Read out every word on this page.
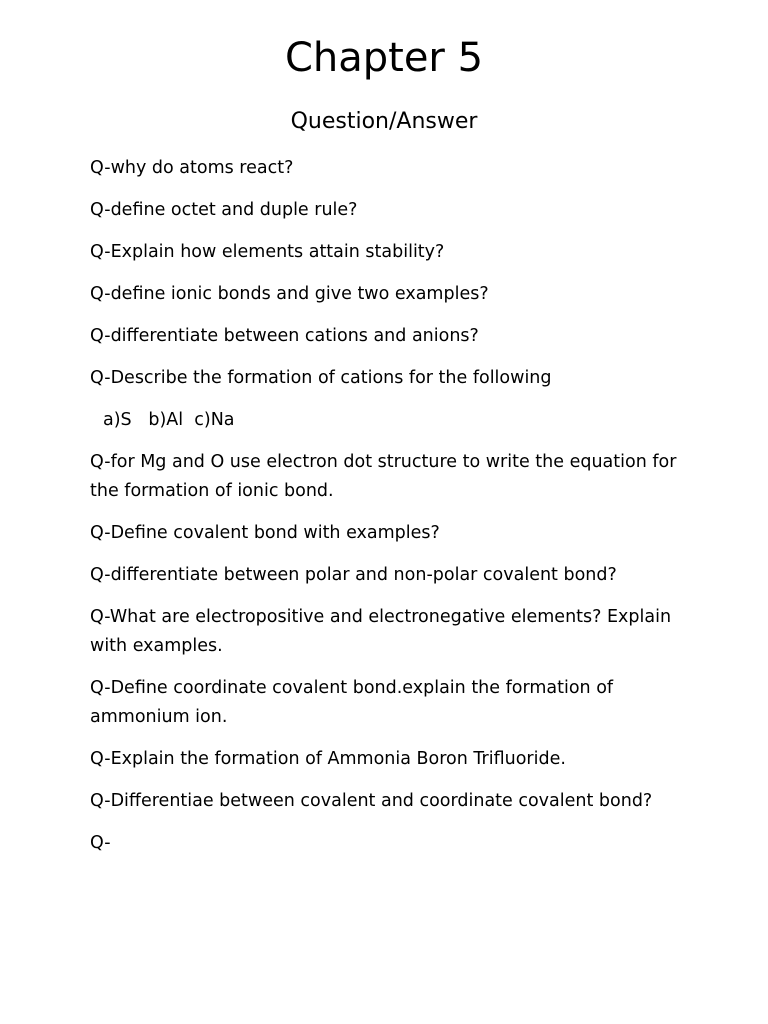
Chapter 5
Question/Answer
Q-why do atoms react?
Q-define octet and duple rule?
Q-Explain how elements attain stability?
Q-define ionic bonds and give two examples?
Q-differentiate between cations and anions?
Q-Describe the formation of cations for the following
a)S   b)Al  c)Na
Q-for Mg and O use electron dot structure to write the equation for the formation of ionic bond.
Q-Define covalent bond with examples?
Q-differentiate between polar and non-polar covalent bond?
Q-What are electropositive and electronegative elements? Explain with examples.
Q-Define coordinate covalent bond.explain the formation of ammonium ion.
Q-Explain the formation of Ammonia Boron Trifluoride.
Q-Differentiae between covalent and coordinate covalent bond?
Q-
